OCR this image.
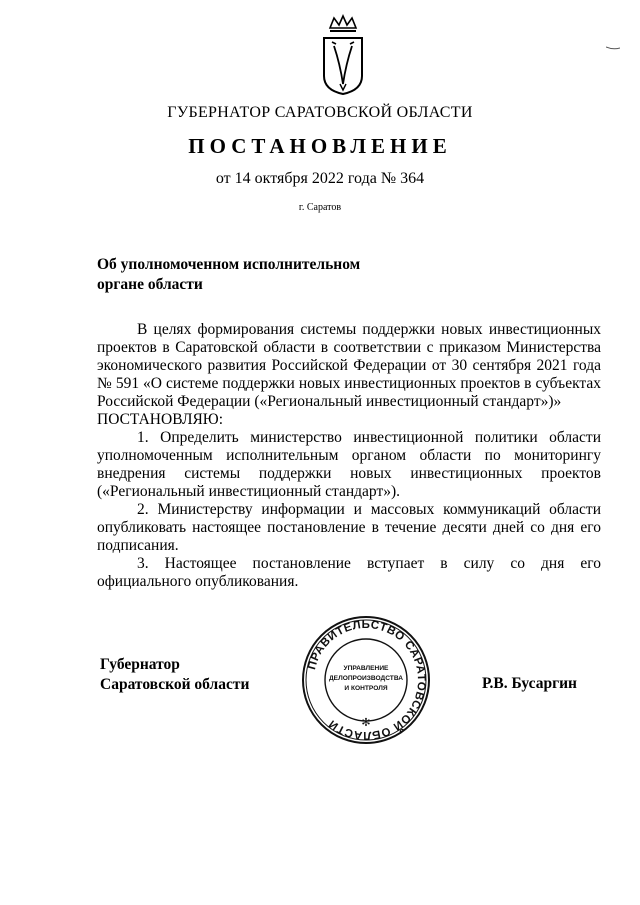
ГУБЕРНАТОР САРАТОВСКОЙ ОБЛАСТИ
ПОСТАНОВЛЕНИЕ
от 14 октября 2022 года № 364
г. Саратов
Об уполномоченном исполнительном
органе области

В целях формирования системы поддержки новых инвестиционных проектов в Саратовской области в соответствии с приказом Министерства экономического развития Российской Федерации от 30 сентября 2021 года № 591 «О системе поддержки новых инвестиционных проектов в субъектах Российской Федерации («Региональный инвестиционный стандарт»)»

ПОСТАНОВЛЯЮ:

1. Определить министерство инвестиционной политики области уполномоченным исполнительным органом области по мониторингу внедрения системы поддержки новых инвестиционных проектов («Региональный инвестиционный стандарт»).

2. Министерству информации и массовых коммуникаций области опубликовать настоящее постановление в течение десяти дней со дня его подписания.

3. Настоящее постановление вступает в силу со дня его официального опубликования.

Губернатор
Саратовской области
ПРАВИТЕЛЬСТВО САРАТОВСКОЙ ОБЛАСТИ
УПРАВЛЕНИЕ
ДЕЛОПРОИЗВОДСТВА
И КОНТРОЛЯ
✻
Р.В. Бусаргин
